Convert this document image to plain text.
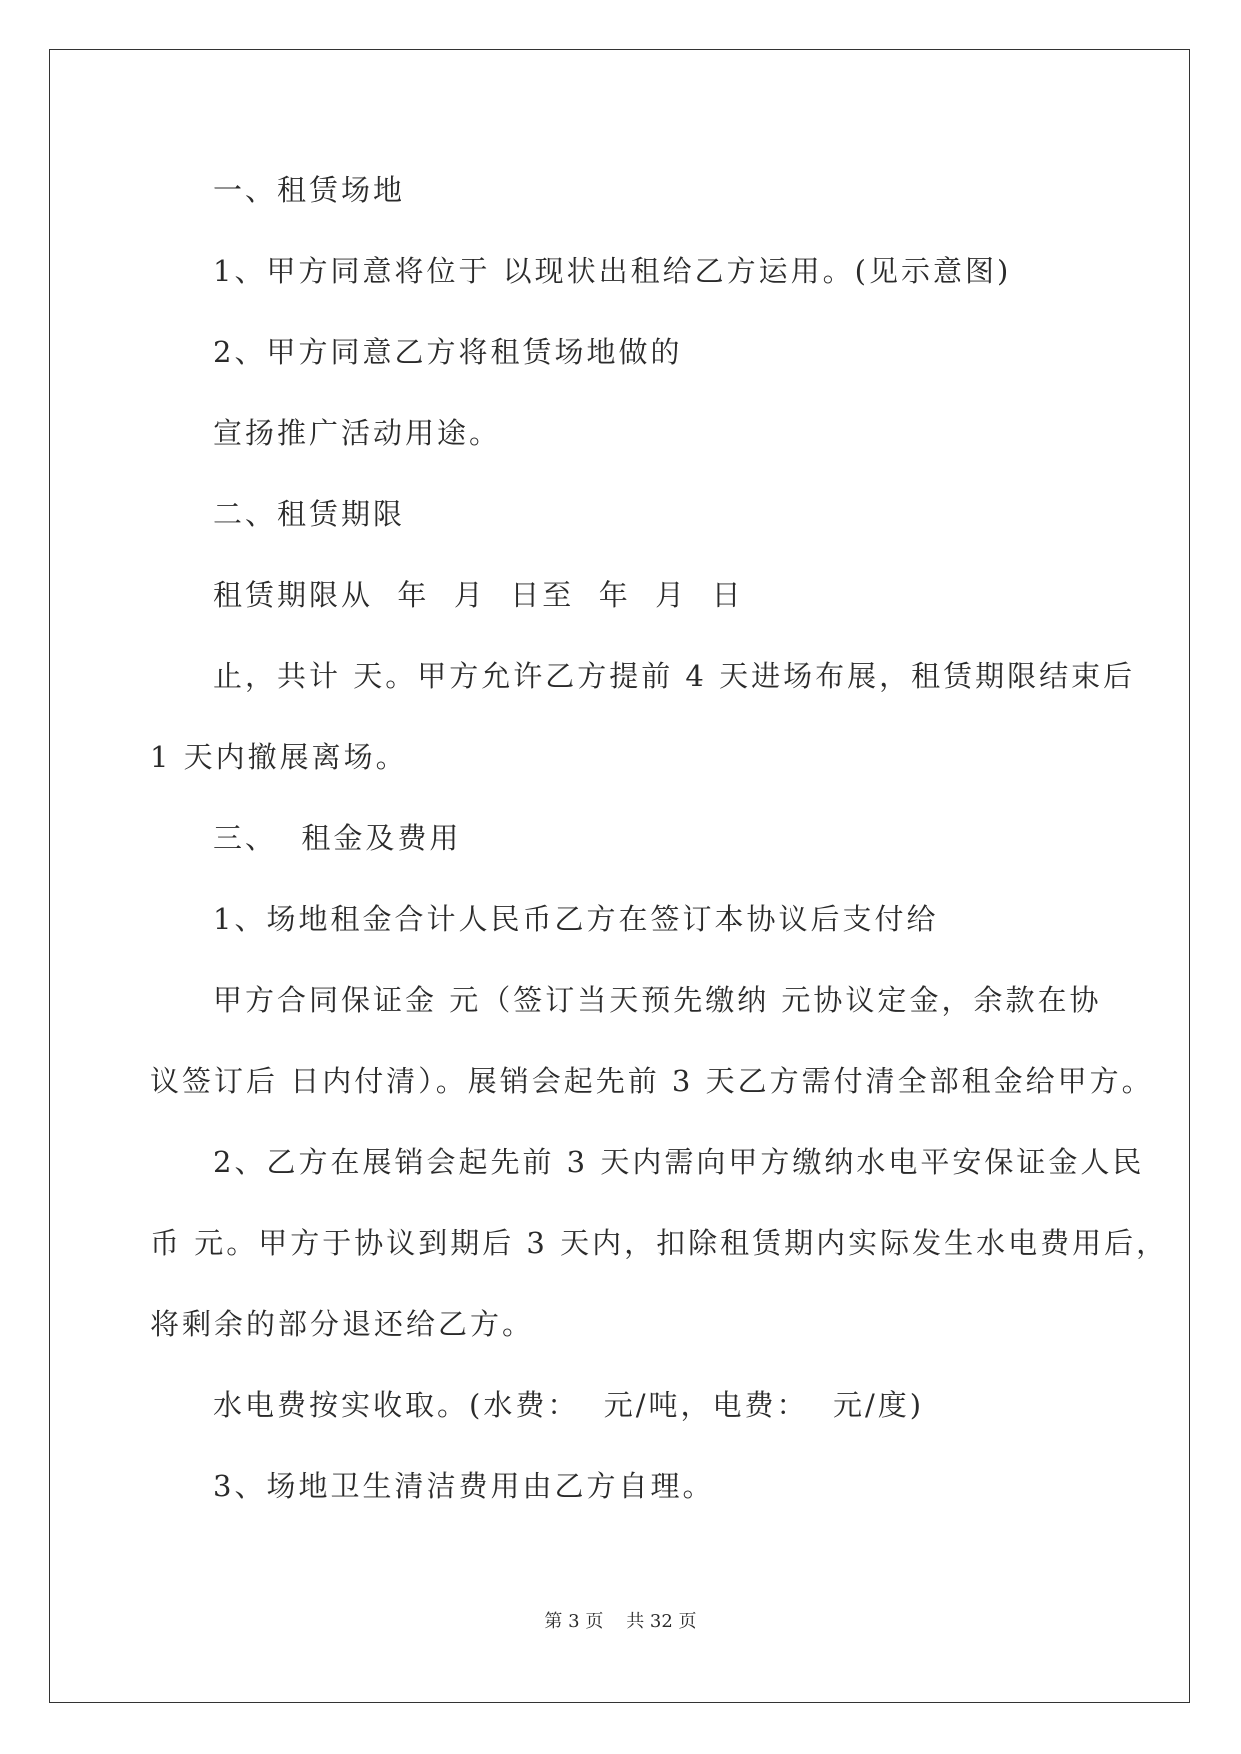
一、租赁场地
1、甲方同意将位于 以现状出租给乙方运用。(见示意图)
2、甲方同意乙方将租赁场地做的
宣扬推广活动用途。
二、租赁期限
租赁期限从  年  月  日至  年  月  日
止，共计 天。甲方允许乙方提前 4 天进场布展，租赁期限结束后
1 天内撤展离场。
三、  租金及费用
1、场地租金合计人民币乙方在签订本协议后支付给
甲方合同保证金 元（签订当天预先缴纳 元协议定金，余款在协
议签订后 日内付清）。展销会起先前 3 天乙方需付清全部租金给甲方。
2、乙方在展销会起先前 3 天内需向甲方缴纳水电平安保证金人民
币 元。甲方于协议到期后 3 天内，扣除租赁期内实际发生水电费用后，
将剩余的部分退还给乙方。
水电费按实收取。(水费：  元/吨，电费：  元/度)
3、场地卫生清洁费用由乙方自理。
第 3 页    共 32 页
